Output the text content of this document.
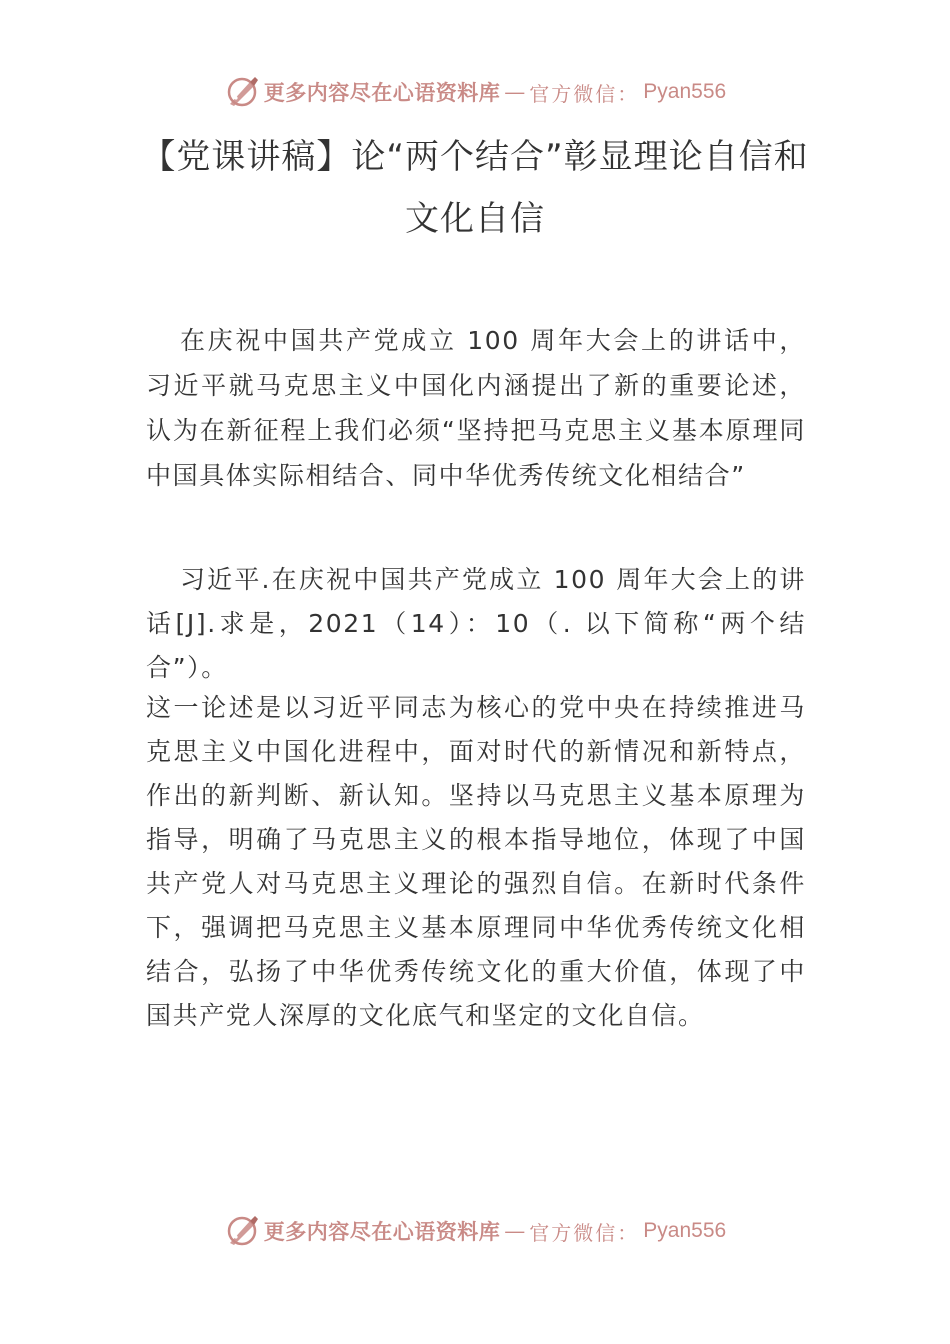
更多内容尽在心语资料库 — 官方微信： Pyan556
【党课讲稿】论“两个结合”彰显理论自信和
文化自信

在庆祝中国共产党成立 100 周年大会上的讲话中，习近平就马克思主义中国化内涵提出了新的重要论述，认为在新征程上我们必须“坚持把马克思主义基本原理同中国具体实际相结合、同中华优秀传统文化相结合”

习近平.在庆祝中国共产党成立 100 周年大会上的讲话[J].求是，2021（14）：10（. 以下简称“两个结合”）。

这一论述是以习近平同志为核心的党中央在持续推进马克思主义中国化进程中，面对时代的新情况和新特点，作出的新判断、新认知。坚持以马克思主义基本原理为指导，明确了马克思主义的根本指导地位，体现了中国共产党人对马克思主义理论的强烈自信。在新时代条件下，强调把马克思主义基本原理同中华优秀传统文化相结合，弘扬了中华优秀传统文化的重大价值，体现了中国共产党人深厚的文化底气和坚定的文化自信。

更多内容尽在心语资料库 — 官方微信： Pyan556
